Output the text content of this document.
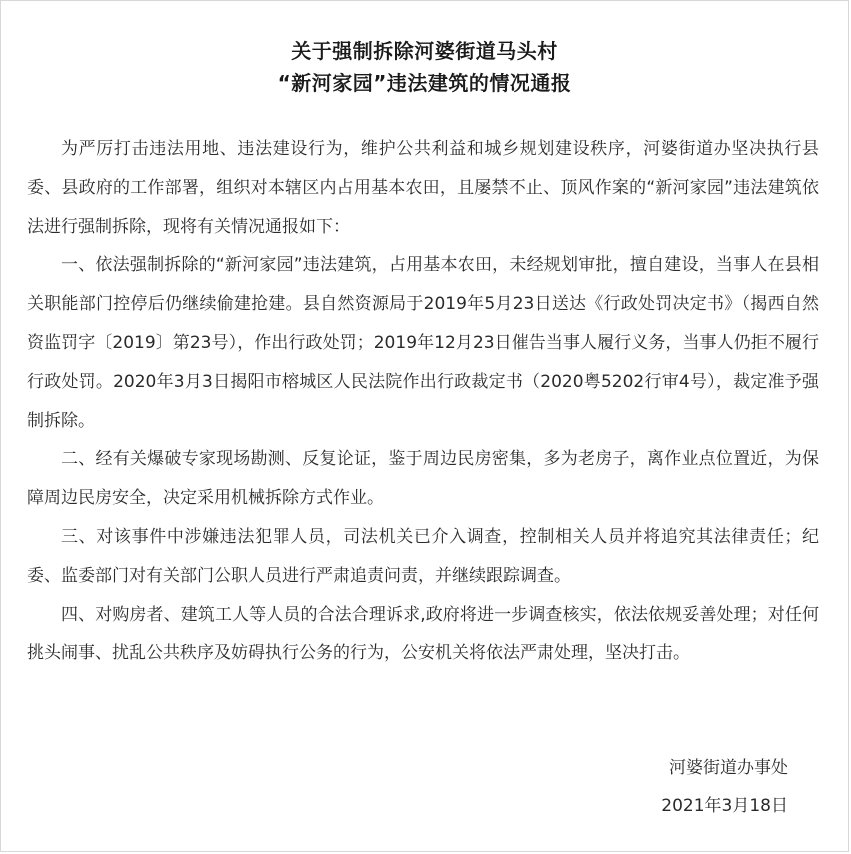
关于强制拆除河婆街道马头村
“新河家园”违法建筑的情况通报

为严厉打击违法用地、违法建设行为，维护公共利益和城乡规划建设秩序，河婆街道办坚决执行县委、县政府的工作部署，组织对本辖区内占用基本农田，且屡禁不止、顶风作案的“新河家园”违法建筑依法进行强制拆除，现将有关情况通报如下：

一、依法强制拆除的“新河家园”违法建筑，占用基本农田，未经规划审批，擅自建设，当事人在县相关职能部门控停后仍继续偷建抢建。县自然资源局于2019年5月23日送达《行政处罚决定书》（揭西自然资监罚字〔2019〕第23号），作出行政处罚；2019年12月23日催告当事人履行义务，当事人仍拒不履行行政处罚。2020年3月3日揭阳市榕城区人民法院作出行政裁定书（2020粤5202行审4号），裁定准予强制拆除。

二、经有关爆破专家现场勘测、反复论证，鉴于周边民房密集，多为老房子，离作业点位置近，为保障周边民房安全，决定采用机械拆除方式作业。

三、对该事件中涉嫌违法犯罪人员，司法机关已介入调查，控制相关人员并将追究其法律责任；纪委、监委部门对有关部门公职人员进行严肃追责问责，并继续跟踪调查。

四、对购房者、建筑工人等人员的合法合理诉求,政府将进一步调查核实，依法依规妥善处理；对任何挑头闹事、扰乱公共秩序及妨碍执行公务的行为，公安机关将依法严肃处理，坚决打击。

河婆街道办事处
2021年3月18日
